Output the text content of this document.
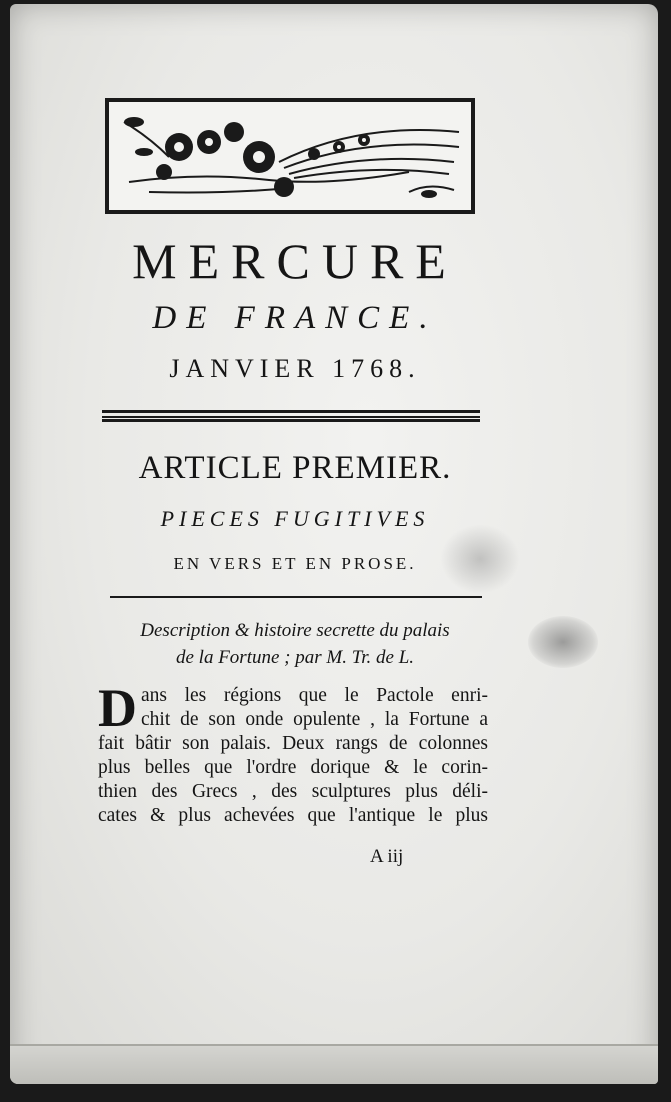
MERCURE
DE FRANCE.
JANVIER 1768.
ARTICLE PREMIER.
PIECES FUGITIVES
EN VERS ET EN PROSE.
Description & histoire secrette du palais
de la Fortune ; par M. Tr. de L.
D ans les régions que le Pactole enri-
chit de son onde opulente , la Fortune a
fait bâtir son palais. Deux rangs de colonnes
plus belles que l'ordre dorique & le corin-
thien des Grecs , des sculptures plus déli-
cates & plus achevées que l'antique le plus
A iij
